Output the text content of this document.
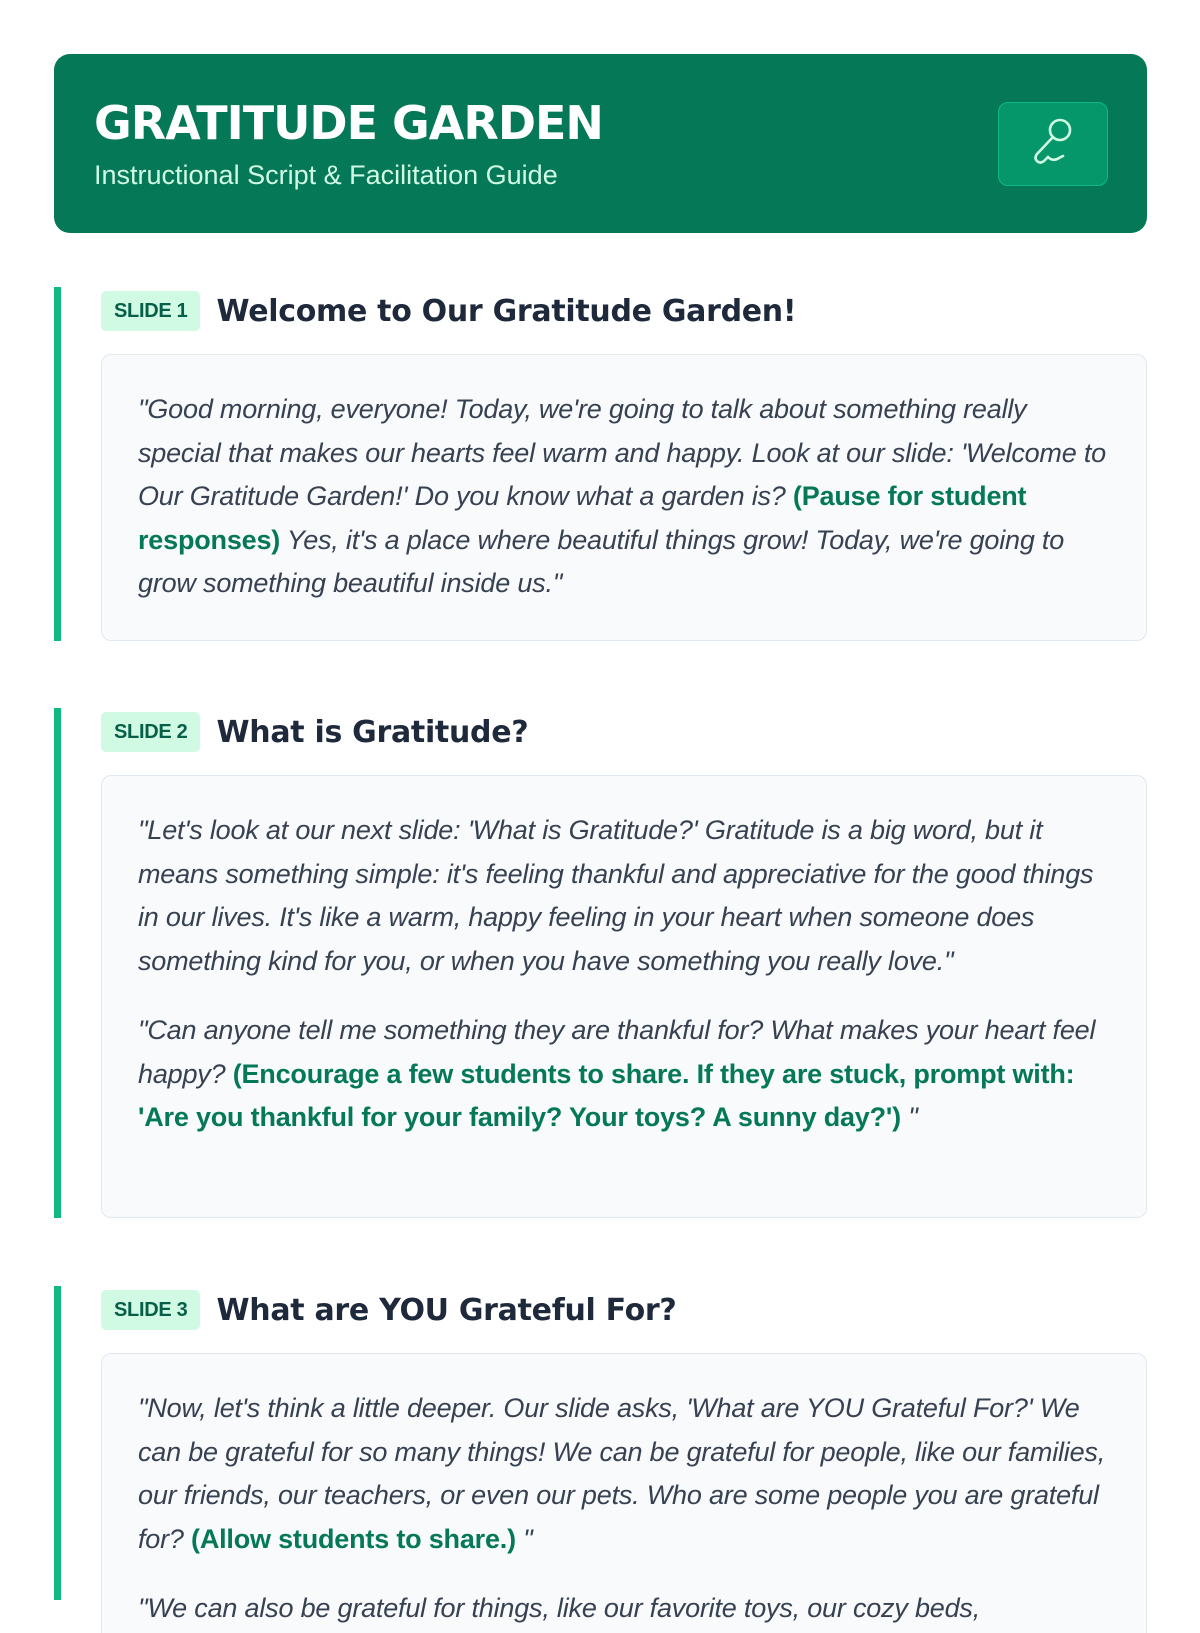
GRATITUDE GARDEN
Instructional Script & Facilitation Guide
SLIDE 1 Welcome to Our Gratitude Garden!

"Good morning, everyone! Today, we're going to talk about something really special that makes our hearts feel warm and happy. Look at our slide: 'Welcome to Our Gratitude Garden!' Do you know what a garden is? (Pause for student responses) Yes, it's a place where beautiful things grow! Today, we're going to grow something beautiful inside us."

SLIDE 2 What is Gratitude?

"Let's look at our next slide: 'What is Gratitude?' Gratitude is a big word, but it means something simple: it's feeling thankful and appreciative for the good things in our lives. It's like a warm, happy feeling in your heart when someone does something kind for you, or when you have something you really love."

"Can anyone tell me something they are thankful for? What makes your heart feel happy? (Encourage a few students to share. If they are stuck, prompt with: 'Are you thankful for your family? Your toys? A sunny day?') "

SLIDE 3 What are YOU Grateful For?

"Now, let's think a little deeper. Our slide asks, 'What are YOU Grateful For?' We can be grateful for so many things! We can be grateful for people, like our families, our friends, our teachers, or even our pets. Who are some people you are grateful for? (Allow students to share.) "

"We can also be grateful for things, like our favorite toys, our cozy beds,
